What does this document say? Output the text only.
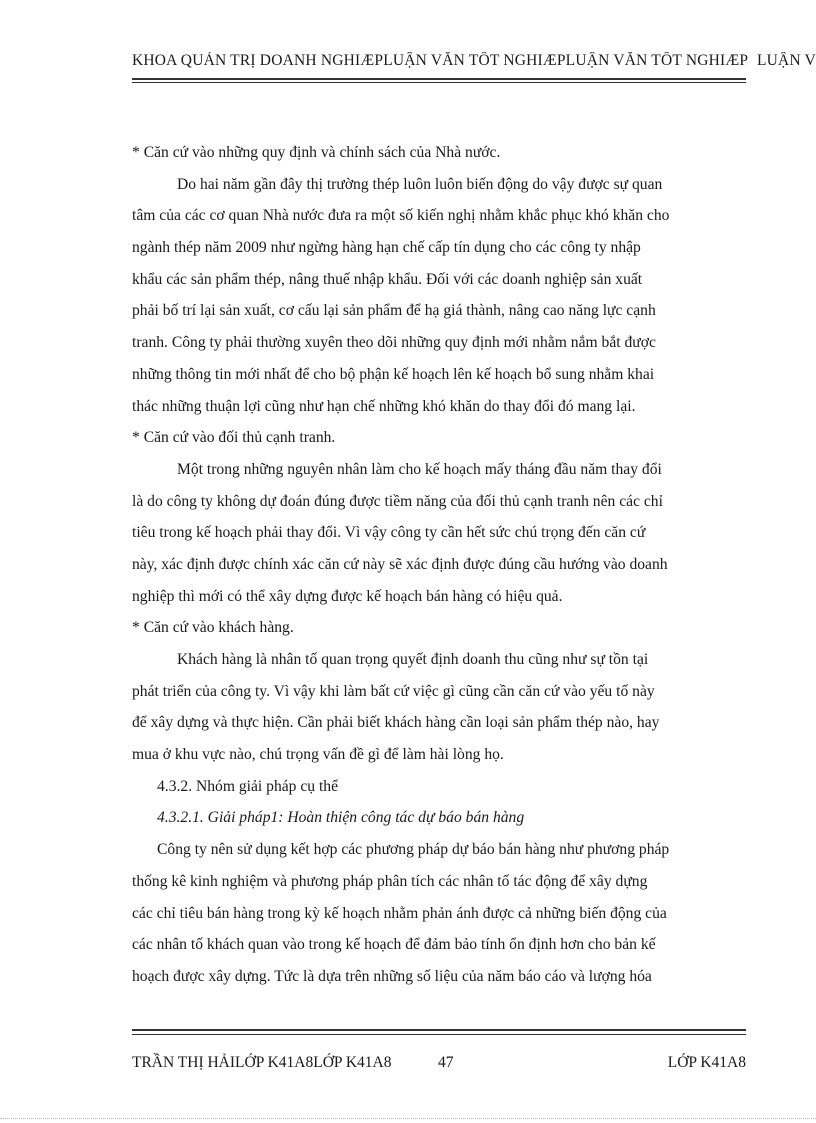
KHOA QUẢN TRỊ DOANH NGHIÆPLUẬN VĂN TỐT NGHIÆPLUẬN VĂN TỐT NGHIÆP LUẬN V
* Căn cứ vào những quy định và chính sách của Nhà nước.
Do hai năm gần đây thị trường thép luôn luôn biến động do vậy được sự quan
tâm của các cơ quan Nhà nước đưa ra một số kiến nghị nhằm khắc phục khó khăn cho
ngành thép năm 2009 như ngừng hàng hạn chế cấp tín dụng cho các công ty nhập
khẩu các sản phẩm thép, nâng thuế nhập khẩu. Đối với các doanh nghiệp sản xuất
phải bố trí lại sản xuất, cơ cấu lại sản phẩm để hạ giá thành, nâng cao năng lực cạnh
tranh. Công ty phải thường xuyên theo dõi những quy định mới nhằm nắm bắt được
những thông tin mới nhất để cho bộ phận kế hoạch lên kế hoạch bổ sung nhằm khai
thác những thuận lợi cũng như hạn chế những khó khăn do thay đổi đó mang lại.
* Căn cứ vào đối thủ cạnh tranh.
Một trong những nguyên nhân làm cho kế hoạch mấy tháng đầu năm thay đổi
là do công ty không dự đoán đúng được tiềm năng của đối thủ cạnh tranh nên các chỉ
tiêu trong kế hoạch phải thay đổi. Vì vậy công ty cần hết sức chú trọng đến căn cứ
này, xác định được chính xác căn cứ này sẽ xác định được đúng cầu hướng vào doanh
nghiệp thì mới có thể xây dựng được kế hoạch bán hàng có hiệu quả.
* Căn cứ vào khách hàng.
Khách hàng là nhân tố quan trọng quyết định doanh thu cũng như sự tồn tại
phát triển của công ty. Vì vậy khi làm bất cứ việc gì cũng cần căn cứ vào yếu tố này
để xây dựng và thực hiện. Cần phải biết khách hàng cần loại sản phẩm thép nào, hay
mua ở khu vực nào, chú trọng vấn đề gì để làm hài lòng họ.
4.3.2. Nhóm giải pháp cụ thể
4.3.2.1. Giải pháp1: Hoàn thiện công tác dự báo bán hàng
Công ty nên sử dụng kết hợp các phương pháp dự báo bán hàng như phương pháp
thống kê kinh nghiệm và phương pháp phân tích các nhân tố tác động để xây dựng
các chỉ tiêu bán hàng trong kỳ kế hoạch nhằm phản ánh được cả những biến động của
các nhân tố khách quan vào trong kế hoạch để đảm bảo tính ổn định hơn cho bản kế
hoạch được xây dựng. Tức là dựa trên những số liệu của năm báo cáo và lượng hóa
TRẦN THỊ HẢILỚP K41A8LỚP K41A8	47	LỚP K41A8
